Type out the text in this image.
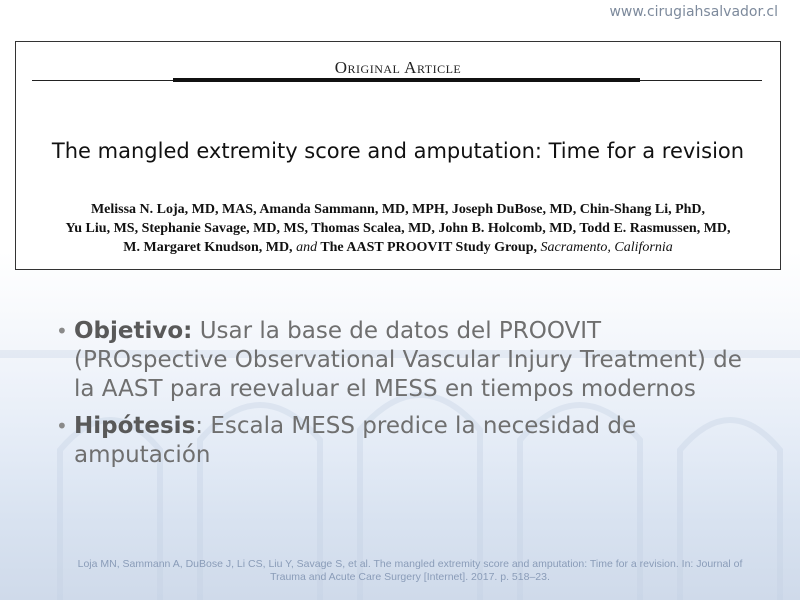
www.cirugiahsalvador.cl
Original Article
The mangled extremity score and amputation: Time for a revision
Melissa N. Loja, MD, MAS, Amanda Sammann, MD, MPH, Joseph DuBose, MD, Chin-Shang Li, PhD,
Yu Liu, MS, Stephanie Savage, MD, MS, Thomas Scalea, MD, John B. Holcomb, MD, Todd E. Rasmussen, MD,
M. Margaret Knudson, MD, and The AAST PROOVIT Study Group, Sacramento, California
• Objetivo: Usar la base de datos del PROOVIT (PROspective Observational Vascular Injury Treatment) de la AAST para reevaluar el MESS en tiempos modernos
• Hipótesis: Escala MESS predice la necesidad de amputación
Loja MN, Sammann A, DuBose J, Li CS, Liu Y, Savage S, et al. The mangled extremity score and amputation: Time for a revision. In: Journal of
Trauma and Acute Care Surgery [Internet]. 2017. p. 518–23.
